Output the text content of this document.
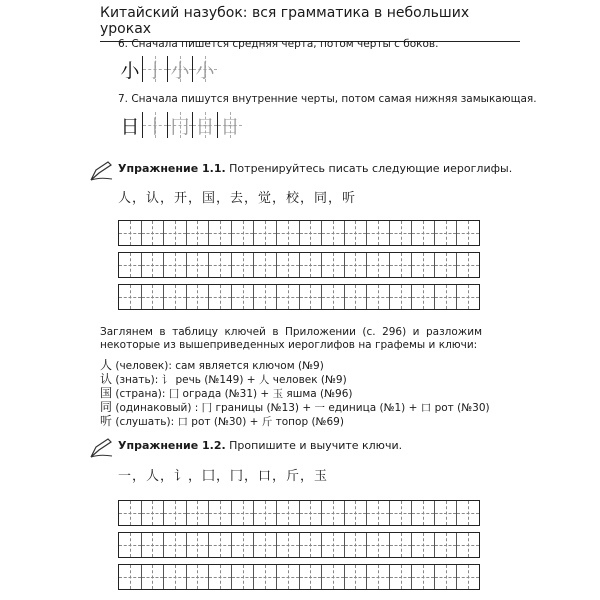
Китайский назубок: вся грамматика в небольших уроках
6. Сначала пишется средняя черта, потом черты с боков.
小 亅 小 小
7. Сначала пишутся внутренние черты, потом самая нижняя замыкающая.
日 丨 冂 日 日
Упражнение 1.1. Потренируйтесь писать следующие иероглифы.
人，认，开，国，去，觉，校，同，听
Заглянем в таблицу ключей в Приложении (с. 296) и разложим некоторые из вышеприведенных иероглифов на графемы и ключи:
人 (человек): сам является ключом (№9)
认 (знать): 讠 речь (№149) + 人 человек (№9)
国 (страна): 囗 ограда (№31) + 玉 яшма (№96)
同 (одинаковый) : 冂 границы (№13) + 一 единица (№1) + 口 рот (№30)
听 (слушать): 口 рот (№30) + 斤 топор (№69)
Упражнение 1.2. Пропишите и выучите ключи.
一，人，讠，囗，冂，口，斤，玉
